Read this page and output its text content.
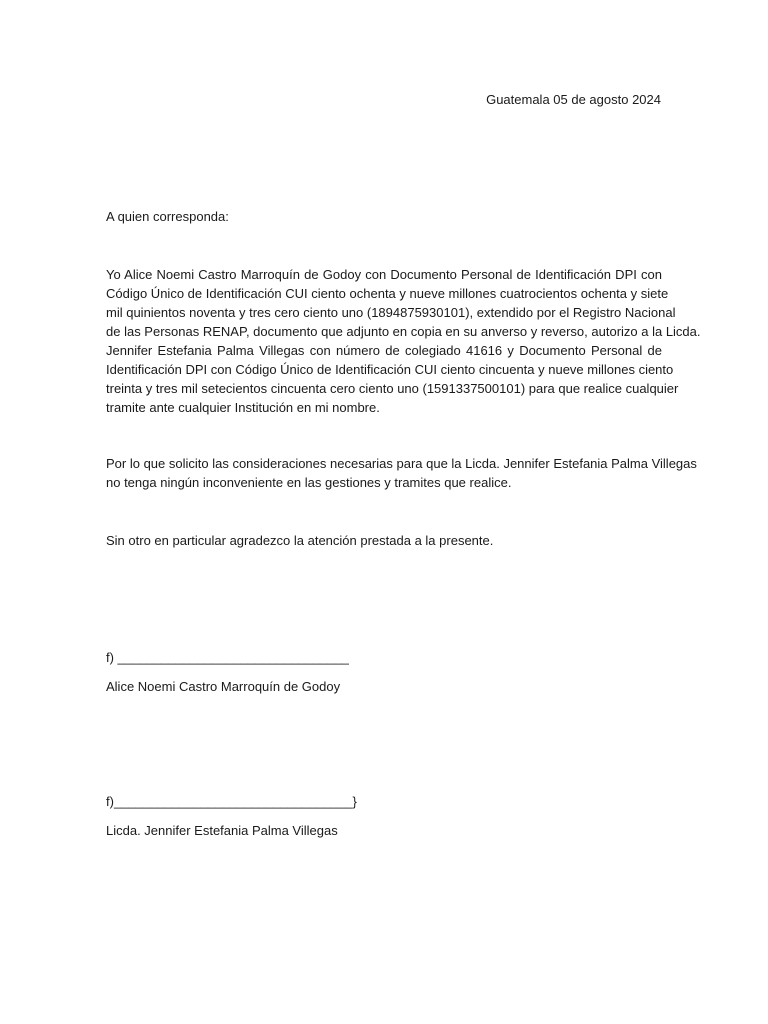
Guatemala 05 de agosto 2024
A quien corresponda:
Yo Alice Noemi Castro Marroquín de Godoy con Documento Personal de Identificación DPI con
Código Único de Identificación CUI ciento ochenta y nueve millones cuatrocientos ochenta y siete
mil quinientos noventa y tres cero ciento uno (1894875930101), extendido por el Registro Nacional
de las Personas RENAP, documento que adjunto en copia en su anverso y reverso, autorizo a la Licda.
Jennifer Estefania Palma Villegas con número de colegiado 41616 y Documento Personal de
Identificación DPI con Código Único de Identificación CUI ciento cincuenta y nueve millones ciento
treinta y tres mil setecientos cincuenta cero ciento uno (1591337500101) para que realice cualquier
tramite ante cualquier Institución en mi nombre.
Por lo que solicito las consideraciones necesarias para que la Licda. Jennifer Estefania Palma Villegas
no tenga ningún inconveniente en las gestiones y tramites que realice.
Sin otro en particular agradezco la atención prestada a la presente.
f) ________________________________
Alice Noemi Castro Marroquín de Godoy
f)_________________________________}
Licda. Jennifer Estefania Palma Villegas
